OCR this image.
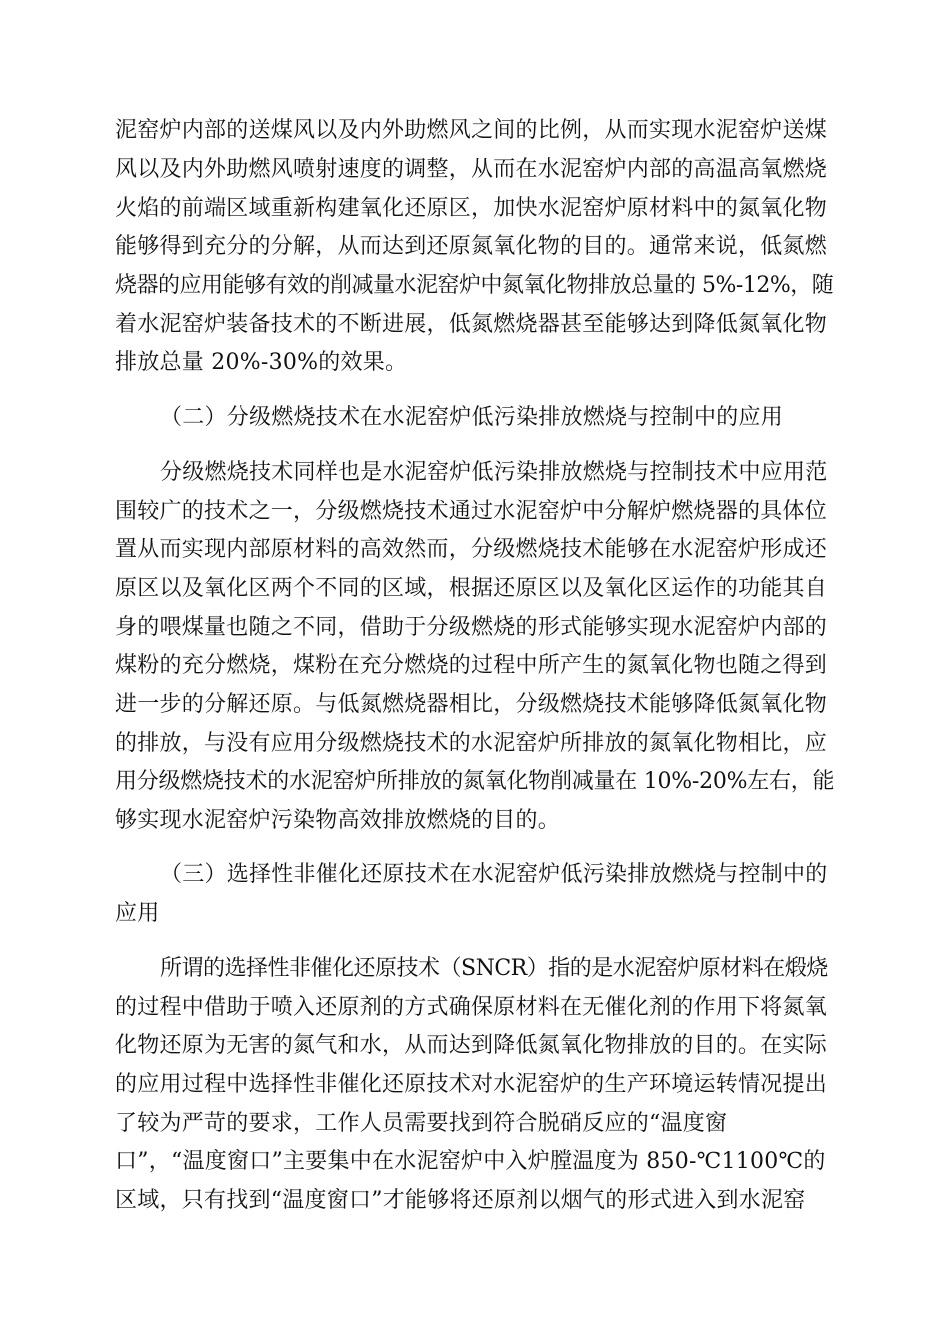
泥窑炉内部的送煤风以及内外助燃风之间的比例，从而实现水泥窑炉送煤
风以及内外助燃风喷射速度的调整，从而在水泥窑炉内部的高温高氧燃烧
火焰的前端区域重新构建氧化还原区，加快水泥窑炉原材料中的氮氧化物
能够得到充分的分解，从而达到还原氮氧化物的目的。通常来说，低氮燃
烧器的应用能够有效的削减量水泥窑炉中氮氧化物排放总量的 5%-12%，随
着水泥窑炉装备技术的不断进展，低氮燃烧器甚至能够达到降低氮氧化物
排放总量 20%-30%的效果。
（二）分级燃烧技术在水泥窑炉低污染排放燃烧与控制中的应用
分级燃烧技术同样也是水泥窑炉低污染排放燃烧与控制技术中应用范
围较广的技术之一，分级燃烧技术通过水泥窑炉中分解炉燃烧器的具体位
置从而实现内部原材料的高效然而，分级燃烧技术能够在水泥窑炉形成还
原区以及氧化区两个不同的区域，根据还原区以及氧化区运作的功能其自
身的喂煤量也随之不同，借助于分级燃烧的形式能够实现水泥窑炉内部的
煤粉的充分燃烧，煤粉在充分燃烧的过程中所产生的氮氧化物也随之得到
进一步的分解还原。与低氮燃烧器相比，分级燃烧技术能够降低氮氧化物
的排放，与没有应用分级燃烧技术的水泥窑炉所排放的氮氧化物相比，应
用分级燃烧技术的水泥窑炉所排放的氮氧化物削减量在 10%-20%左右，能
够实现水泥窑炉污染物高效排放燃烧的目的。
（三）选择性非催化还原技术在水泥窑炉低污染排放燃烧与控制中的
应用
所谓的选择性非催化还原技术（SNCR）指的是水泥窑炉原材料在煅烧
的过程中借助于喷入还原剂的方式确保原材料在无催化剂的作用下将氮氧
化物还原为无害的氮气和水，从而达到降低氮氧化物排放的目的。在实际
的应用过程中选择性非催化还原技术对水泥窑炉的生产环境运转情况提出
了较为严苛的要求，工作人员需要找到符合脱硝反应的“温度窗
口”，“温度窗口”主要集中在水泥窑炉中入炉膛温度为 850-℃1100℃的
区域，只有找到“温度窗口”才能够将还原剂以烟气的形式进入到水泥窑
